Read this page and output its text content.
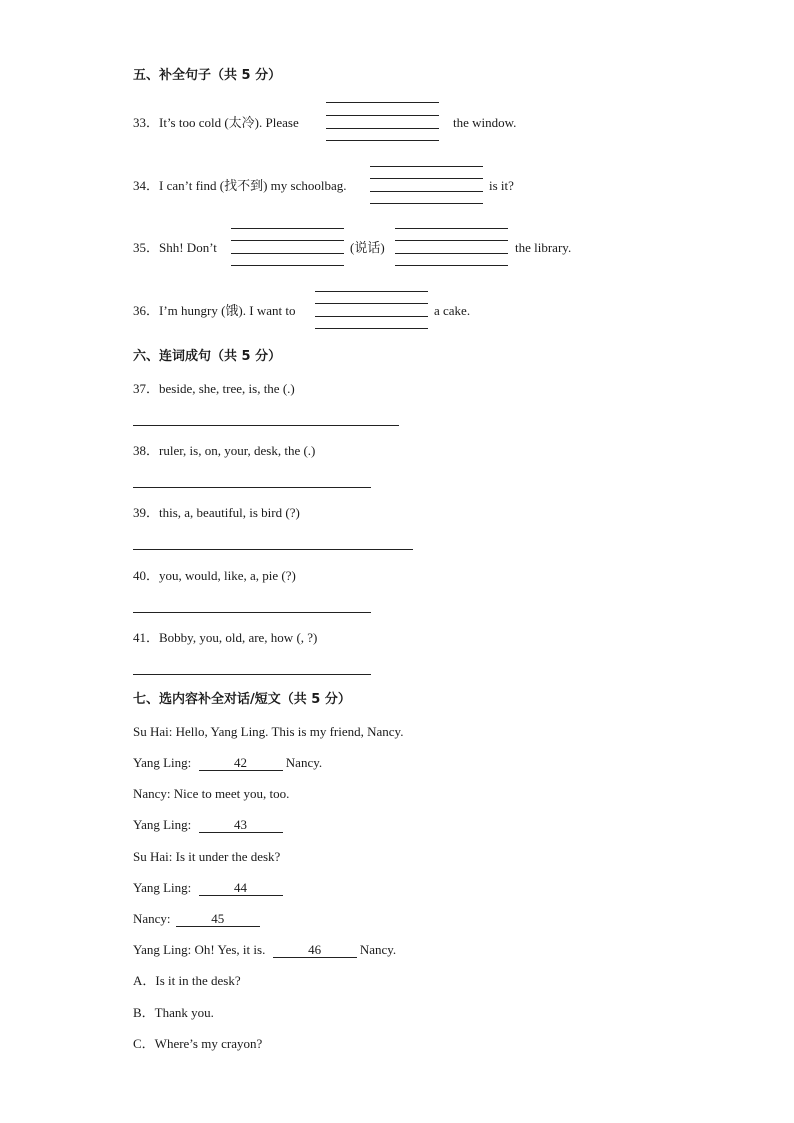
五、补全句子（共 5 分）
33．It’s too cold (太冷). Please	the window.
34．I can’t find (找不到) my schoolbag.	is it?
35．Shh! Don’t	(说话)	the library.
36．I’m hungry (饿). I want to	a cake.
六、连词成句（共 5 分）
37．beside, she, tree, is, the (.)
38．ruler, is, on, your, desk, the (.)
39．this, a, beautiful, is bird (?)
40．you, would, like, a, pie (?)
41．Bobby, you, old, are, how (, ?)
七、选内容补全对话/短文（共 5 分）
Su Hai: Hello, Yang Ling. This is my friend, Nancy.
Yang Ling:	42	Nancy.
Nancy: Nice to meet you, too.
Yang Ling:	43
Su Hai: Is it under the desk?
Yang Ling:	44
Nancy:	45
Yang Ling: Oh! Yes, it is.	46	Nancy.
A．Is it in the desk?
B．Thank you.
C．Where’s my crayon?
